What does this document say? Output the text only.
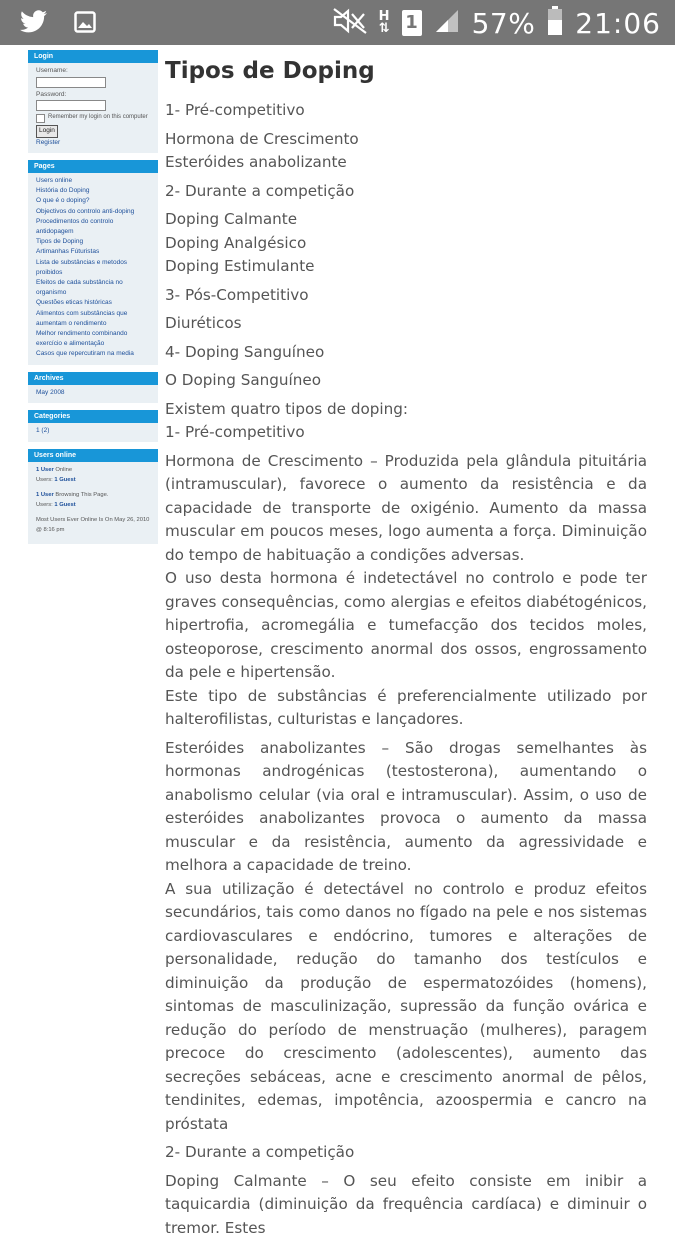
H
⇅ 1 57% 21:06
Login
Username:
Password:
Remember my login on this computer
Login
Register
Pages
Users online
História do Doping
O que é o doping?
Objectivos do controlo anti-doping
Procedimentos do controlo antidopagem
Tipos de Doping
Artimanhas Fúturistas
Lista de substâncias e metodos proibidos
Efeitos de cada substância no organismo
Questões eticas históricas
Alimentos com substâncias que aumentam o rendimento
Melhor rendimento combinando exercício e alimentação
Casos que repercutiram na media
Archives
May 2008
Categories
1 (2)
Users online
1 User Online
Users: 1 Guest
1 User Browsing This Page.
Users: 1 Guest
Most Users Ever Online Is On May 26, 2010 @ 8:16 pm
Tipos de Doping
1- Pré-competitivo
Hormona de Crescimento
Esteróides anabolizante
2- Durante a competição
Doping Calmante
Doping Analgésico
Doping Estimulante
3- Pós-Competitivo
Diuréticos
4- Doping Sanguíneo
O Doping Sanguíneo
Existem quatro tipos de doping:
1- Pré-competitivo
Hormona de Crescimento – Produzida pela glândula pituitária (intramuscular), favorece o aumento da resistência e da capacidade de transporte de oxigénio. Aumento da massa muscular em poucos meses, logo aumenta a força. Diminuição do tempo de habituação a condições adversas.
O uso desta hormona é indetectável no controlo e pode ter graves consequências, como alergias e efeitos diabétogénicos, hipertrofia, acromegália e tumefacção dos tecidos moles, osteoporose, crescimento anormal dos ossos, engrossamento da pele e hipertensão.
Este tipo de substâncias é preferencialmente utilizado por halterofilistas, culturistas e lançadores.
Esteróides anabolizantes – São drogas semelhantes às hormonas androgénicas (testosterona), aumentando o anabolismo celular (via oral e intramuscular). Assim, o uso de esteróides anabolizantes provoca o aumento da massa muscular e da resistência, aumento da agressividade e melhora a capacidade de treino.
A sua utilização é detectável no controlo e produz efeitos secundários, tais como danos no fígado na pele e nos sistemas cardiovasculares e endócrino, tumores e alterações de personalidade, redução do tamanho dos testículos e diminuição da produção de espermatozóides (homens), sintomas de masculinização, supressão da função ovárica e redução do período de menstruação (mulheres), paragem precoce do crescimento (adolescentes), aumento das secreções sebáceas, acne e crescimento anormal de pêlos, tendinites, edemas, impotência, azoospermia e cancro na próstata
2- Durante a competição
Doping Calmante – O seu efeito consiste em inibir a taquicardia (diminuição da frequência cardíaca) e diminuir o tremor. Estes
